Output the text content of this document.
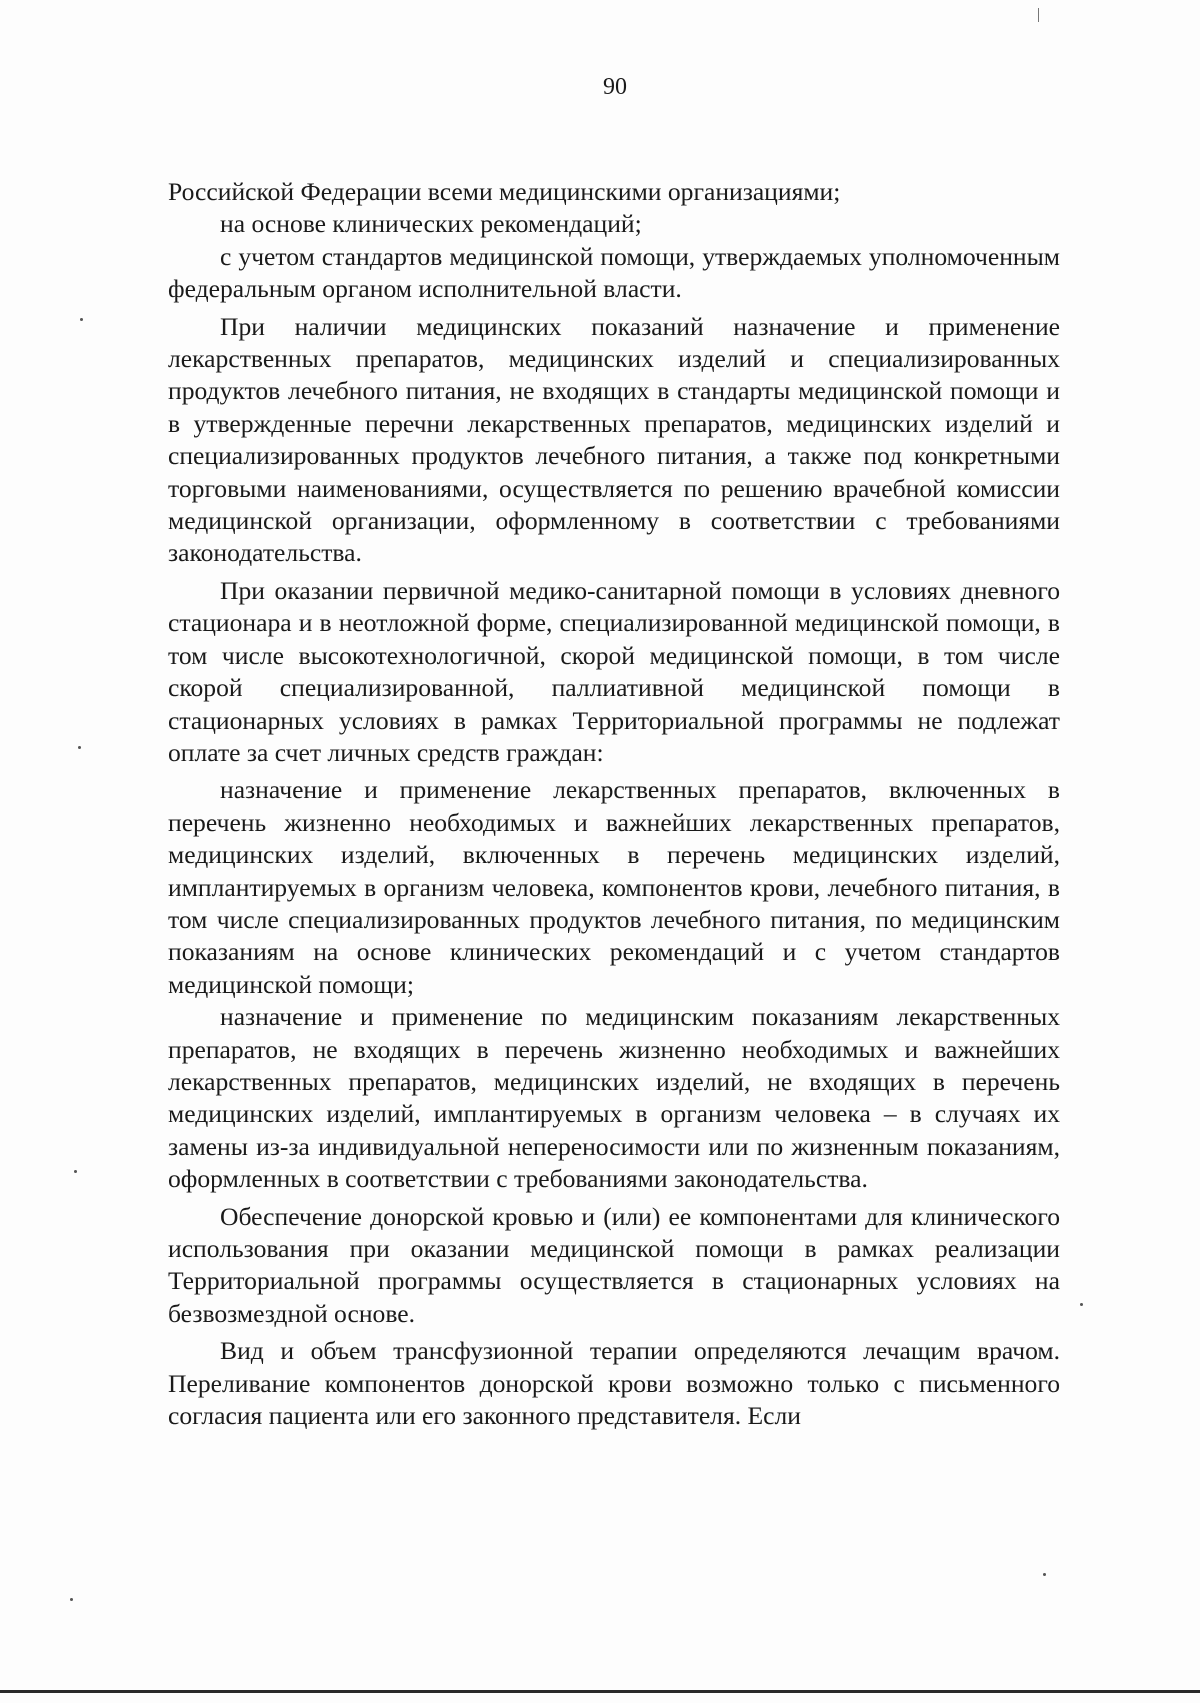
90

Российской Федерации всеми медицинскими организациями;

на основе клинических рекомендаций;

с учетом стандартов медицинской помощи, утверждаемых уполномоченным федеральным органом исполнительной власти.

При наличии медицинских показаний назначение и применение лекарственных препаратов, медицинских изделий и специализированных продуктов лечебного питания, не входящих в стандарты медицинской помощи и в утвержденные перечни лекарственных препаратов, медицинских изделий и специализированных продуктов лечебного питания, а также под конкретными торговыми наименованиями, осуществляется по решению врачебной комиссии медицинской организации, оформленному в соответствии с требованиями законодательства.

При оказании первичной медико-санитарной помощи в условиях дневного стационара и в неотложной форме, специализированной медицинской помощи, в том числе высокотехнологичной, скорой медицинской помощи, в том числе скорой специализированной, паллиативной медицинской помощи в стационарных условиях в рамках Территориальной программы не подлежат оплате за счет личных средств граждан:

назначение и применение лекарственных препаратов, включенных в перечень жизненно необходимых и важнейших лекарственных препаратов, медицинских изделий, включенных в перечень медицинских изделий, имплантируемых в организм человека, компонентов крови, лечебного питания, в том числе специализированных продуктов лечебного питания, по медицинским показаниям на основе клинических рекомендаций и с учетом стандартов медицинской помощи;

назначение и применение по медицинским показаниям лекарственных препаратов, не входящих в перечень жизненно необходимых и важнейших лекарственных препаратов, медицинских изделий, не входящих в перечень медицинских изделий, имплантируемых в организм человека – в случаях их замены из-за индивидуальной непереносимости или по жизненным показаниям, оформленных в соответствии с требованиями законодательства.

Обеспечение донорской кровью и (или) ее компонентами для клинического использования при оказании медицинской помощи в рамках реализации Территориальной программы осуществляется в стационарных условиях на безвозмездной основе.

Вид и объем трансфузионной терапии определяются лечащим врачом. Переливание компонентов донорской крови возможно только с письменного согласия пациента или его законного представителя. Если
